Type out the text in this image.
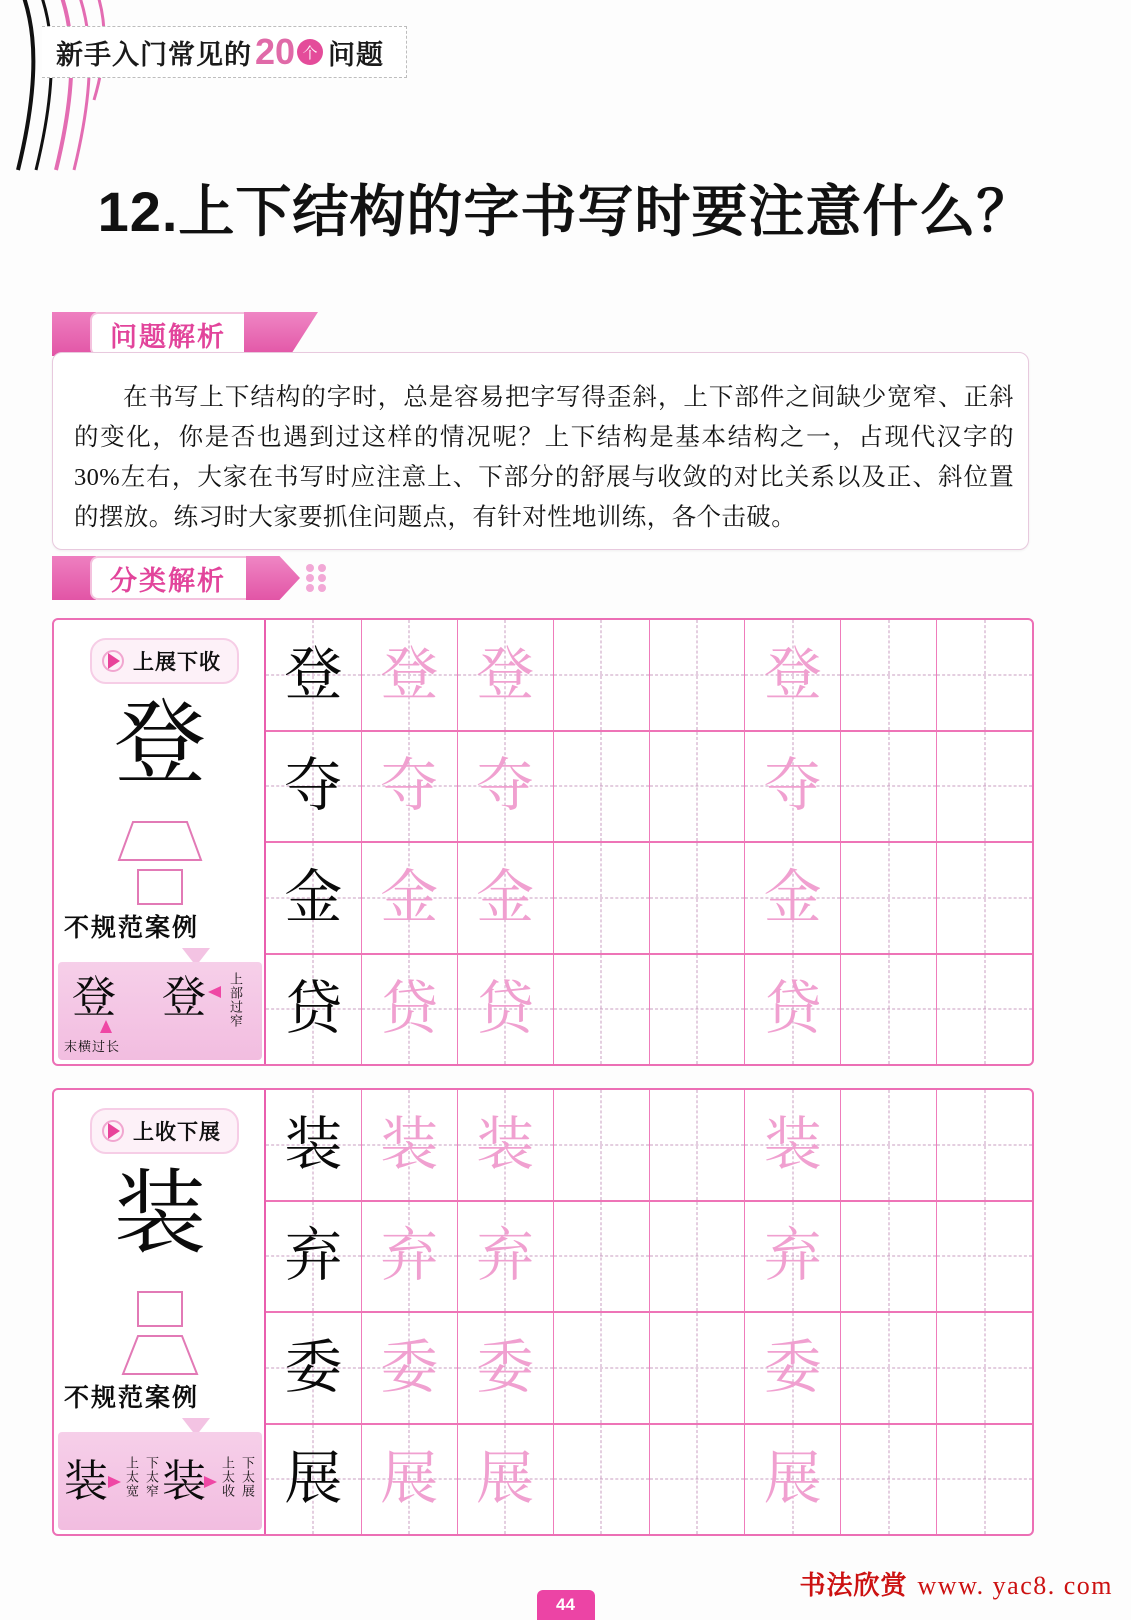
新手入门常见的 20 个 问题
12.上下结构的字书写时要注意什么？
问题解析
在书写上下结构的字时，总是容易把字写得歪斜，上下部件之间缺少宽窄、正斜的变化，你是否也遇到过这样的情况呢？上下结构是基本结构之一，占现代汉字的30%左右，大家在书写时应注意上、下部分的舒展与收敛的对比关系以及正、斜位置的摆放。练习时大家要抓住问题点，有针对性地训练，各个击破。
分类解析
上展下收
登
不规范案例
登
末横过长
登 上部过窄
登 登 登	登
夺 夺 夺	夺
金 金 金	金
贷 贷 贷	贷
上收下展
装
不规范案例
装 上太宽 下太窄 装 上太收 下太展
装 装 装	装
弃 弃 弃	弃
委 委 委	委
展 展 展	展
书法欣赏 www. yac8. com
44
